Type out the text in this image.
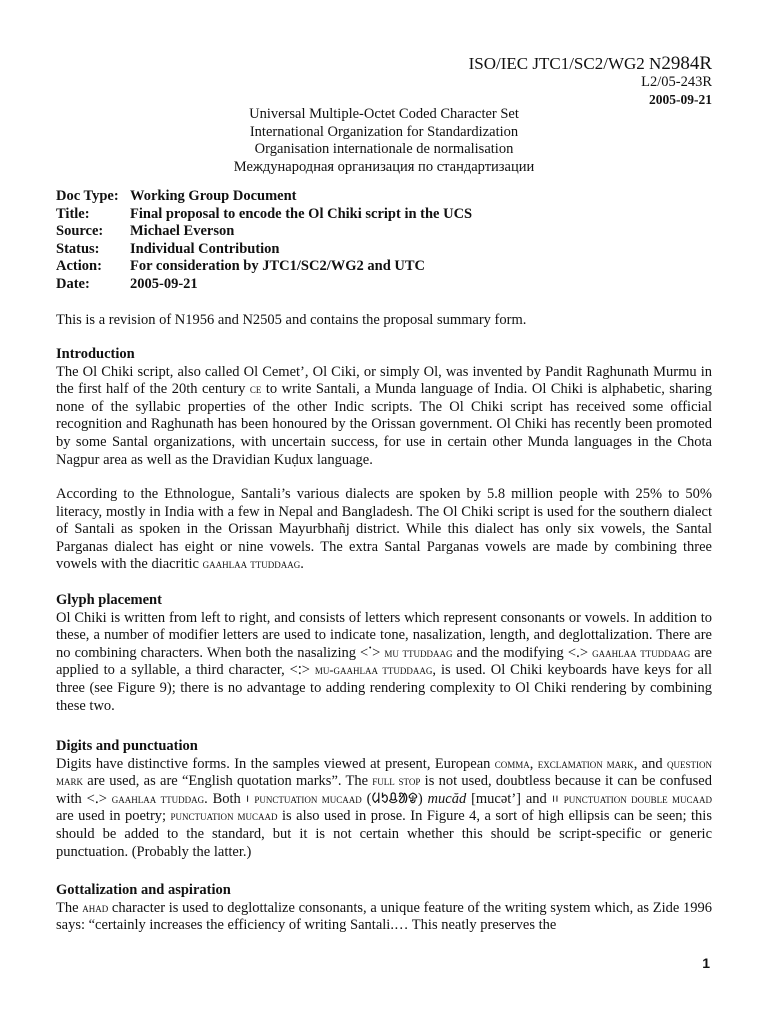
ISO/IEC JTC1/SC2/WG2 N2984R
L2/05-243R
2005-09-21
Universal Multiple-Octet Coded Character Set
International Organization for Standardization
Organisation internationale de normalisation
Международная организация по стандартизации
Doc Type:	Working Group Document
Title:	Final proposal to encode the Ol Chiki script in the UCS
Source:	Michael Everson
Status:	Individual Contribution
Action:	For consideration by JTC1/SC2/WG2 and UTC
Date:	2005-09-21

This is a revision of N1956 and N2505 and contains the proposal summary form.

Introduction

The Ol Chiki script, also called Ol Cemet’, Ol Ciki, or simply Ol, was invented by Pandit Raghunath Murmu in the first half of the 20th century ce to write Santali, a Munda language of India. Ol Chiki is alphabetic, sharing none of the syllabic properties of the other Indic scripts. The Ol Chiki script has received some official recognition and Raghunath has been honoured by the Orissan government. Ol Chiki has recently been promoted by some Santal organizations, with uncertain success, for use in certain other Munda languages in the Chota Nagpur area as well as the Dravidian Kuḍux language.

According to the Ethnologue, Santali’s various dialects are spoken by 5.8 million people with 25% to 50% literacy, mostly in India with a few in Nepal and Bangladesh. The Ol Chiki script is used for the southern dialect of Santali as spoken in the Orissan Mayurbhañj district. While this dialect has only six vowels, the Santal Parganas dialect has eight or nine vowels. The extra Santal Parganas vowels are made by combining three vowels with the diacritic gaahlaa ttuddaag.

Glyph placement

Ol Chiki is written from left to right, and consists of letters which represent consonants or vowels. In addition to these, a number of modifier letters are used to indicate tone, nasalization, length, and deglottalization. There are no combining characters. When both the nasalizing <ᱸ> mu ttuddaag and the modifying <ᱹ> gaahlaa ttuddaag are applied to a syllable, a third character, <ᱺ> mu-gaahlaa ttuddaag, is used. Ol Chiki keyboards have keys for all three (see Figure 9); there is no advantage to adding rendering complexity to Ol Chiki rendering by combining these two.

Digits and punctuation

Digits have distinctive forms. In the samples viewed at present, European comma, exclamation mark, and question mark are used, as are “English quotation marks”. The full stop is not used, doubtless because it can be confused with <ᱹ> gaahlaa ttuddag. Both ᱾ punctuation mucaad (ᱢᱩᱪᱟᱫ) mucăd [mucət’] and ᱿ punctuation double mucaad are used in poetry; punctuation mucaad is also used in prose. In Figure 4, a sort of high ellipsis can be seen; this should be added to the standard, but it is not certain whether this should be script-specific or generic punctuation. (Probably the latter.)

Gottalization and aspiration

The ahad character is used to deglottalize consonants, a unique feature of the writing system which, as Zide 1996 says: “certainly increases the efficiency of writing Santali.… This neatly preserves the

1
